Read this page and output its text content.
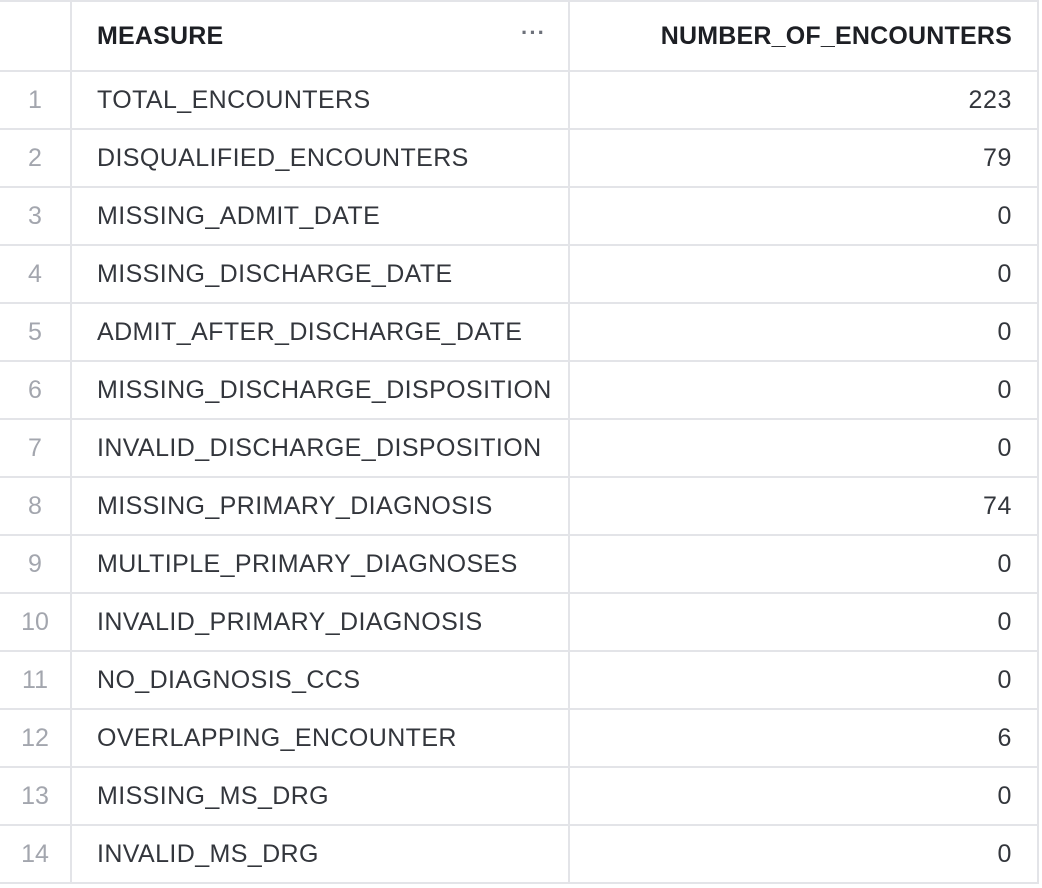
	MEASURE ···	NUMBER_OF_ENCOUNTERS
1	TOTAL_ENCOUNTERS	223
2	DISQUALIFIED_ENCOUNTERS	79
3	MISSING_ADMIT_DATE	0
4	MISSING_DISCHARGE_DATE	0
5	ADMIT_AFTER_DISCHARGE_DATE	0
6	MISSING_DISCHARGE_DISPOSITION	0
7	INVALID_DISCHARGE_DISPOSITION	0
8	MISSING_PRIMARY_DIAGNOSIS	74
9	MULTIPLE_PRIMARY_DIAGNOSES	0
10	INVALID_PRIMARY_DIAGNOSIS	0
11	NO_DIAGNOSIS_CCS	0
12	OVERLAPPING_ENCOUNTER	6
13	MISSING_MS_DRG	0
14	INVALID_MS_DRG	0
